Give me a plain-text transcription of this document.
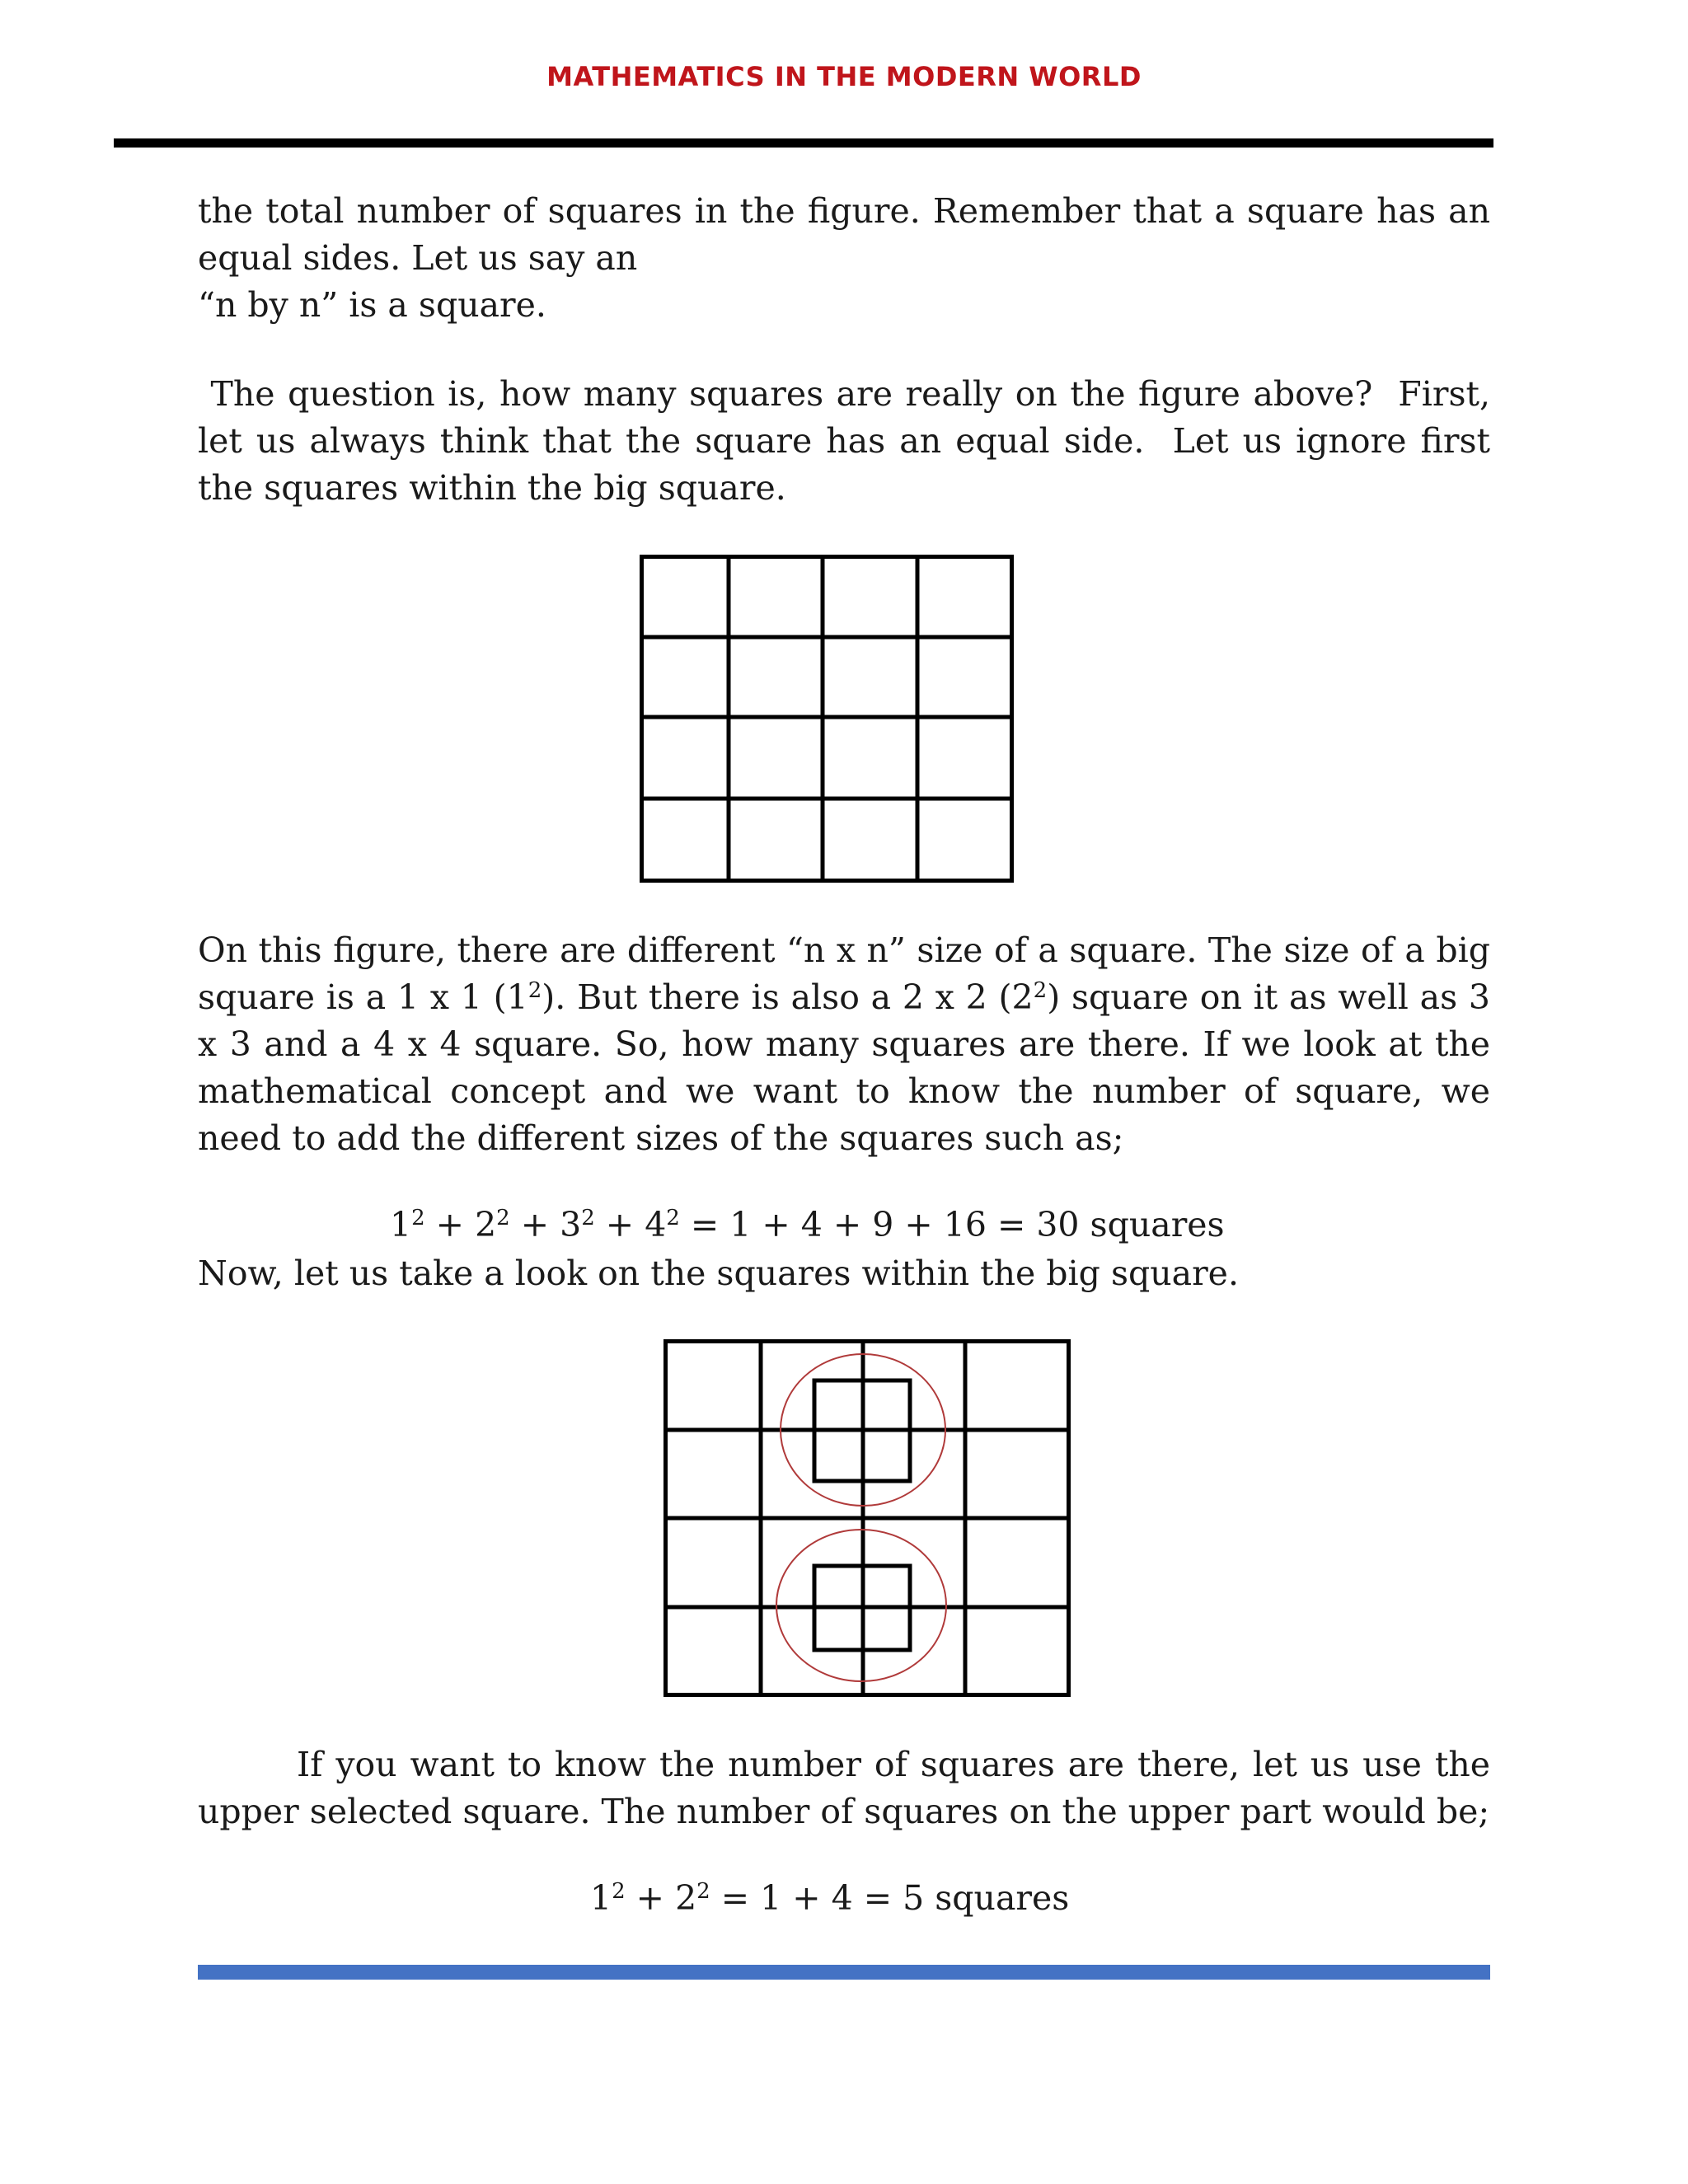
MATHEMATICS IN THE MODERN WORLD

the total number of squares in the figure. Remember that a square has an equal sides. Let us say an
“n by n” is a square.

The question is, how many squares are really on the figure above?  First, let us always think that the square has an equal side.  Let us ignore first the squares within the big square.

On this figure, there are different “n x n” size of a square. The size of a big square is a 1 x 1 $(1^2)$. But there is also a 2 x 2 $(2^2)$ square on it as well as 3 x 3 and a 4 x 4 square. So, how many squares are there. If we look at the mathematical concept and we want to know the number of square, we need to add the different sizes of the squares such as;

$1^2 + 2^2 + 3^2 + 4^2 = 1 + 4 + 9 + 16 = 30$ squares

Now, let us take a look on the squares within the big square.

If you want to know the number of squares are there, let us use the upper selected square. The number of squares on the upper part would be;

$1^2 + 2^2 = 1 + 4 = 5$ squares
